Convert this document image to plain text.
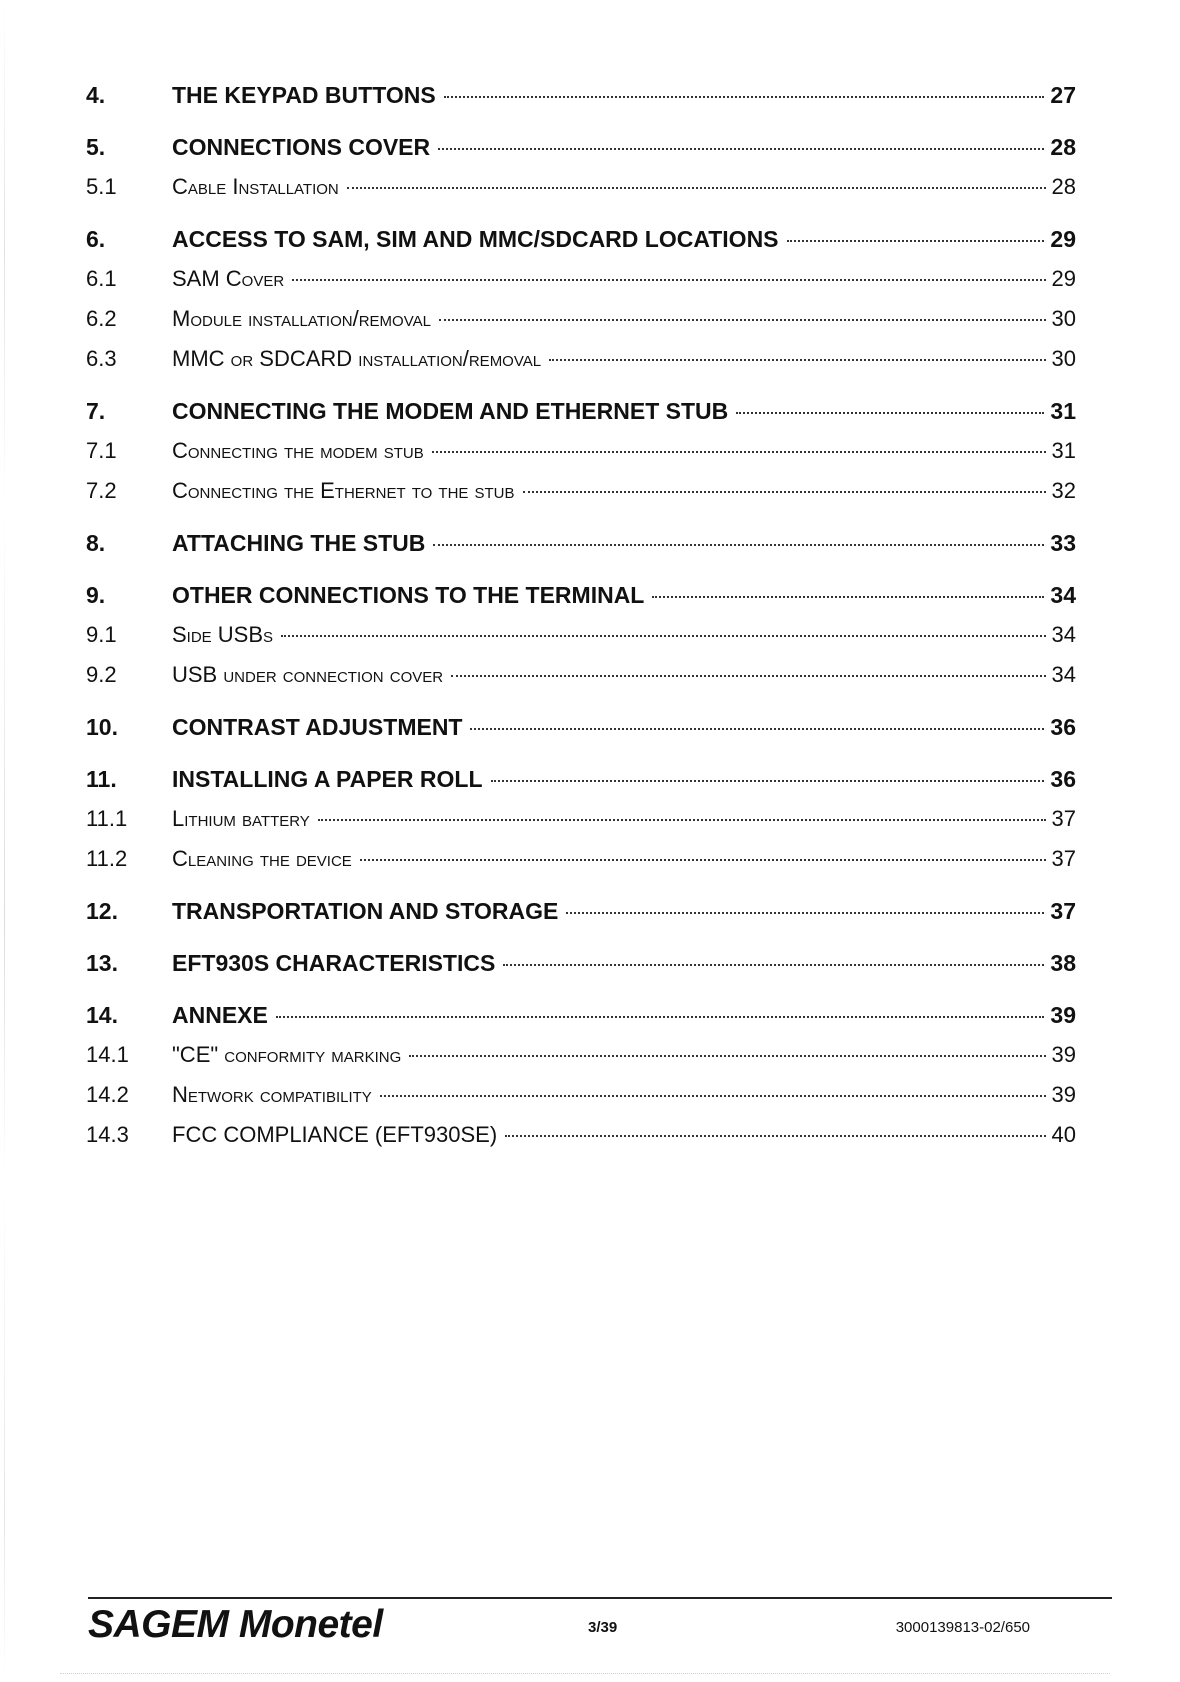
4.	THE KEYPAD BUTTONS	27
5.	CONNECTIONS COVER	28
5.1	Cable Installation	28
6.	ACCESS TO SAM, SIM AND MMC/SDCARD LOCATIONS	29
6.1	SAM Cover	29
6.2	Module installation/removal	30
6.3	MMC or SDCARD installation/removal	30
7.	CONNECTING THE MODEM AND ETHERNET STUB	31
7.1	Connecting the modem stub	31
7.2	Connecting the Ethernet to the stub	32
8.	ATTACHING THE STUB	33
9.	OTHER CONNECTIONS TO THE TERMINAL	34
9.1	Side USBs	34
9.2	USB under connection cover	34
10.	CONTRAST ADJUSTMENT	36
11.	INSTALLING A PAPER ROLL	36
11.1	Lithium battery	37
11.2	Cleaning the device	37
12.	TRANSPORTATION AND STORAGE	37
13.	EFT930S CHARACTERISTICS	38
14.	ANNEXE	39
14.1	"CE" conformity marking	39
14.2	Network compatibility	39
14.3	FCC COMPLIANCE (EFT930SE)	40
SAGEM Monetel	3/39	3000139813-02/650
